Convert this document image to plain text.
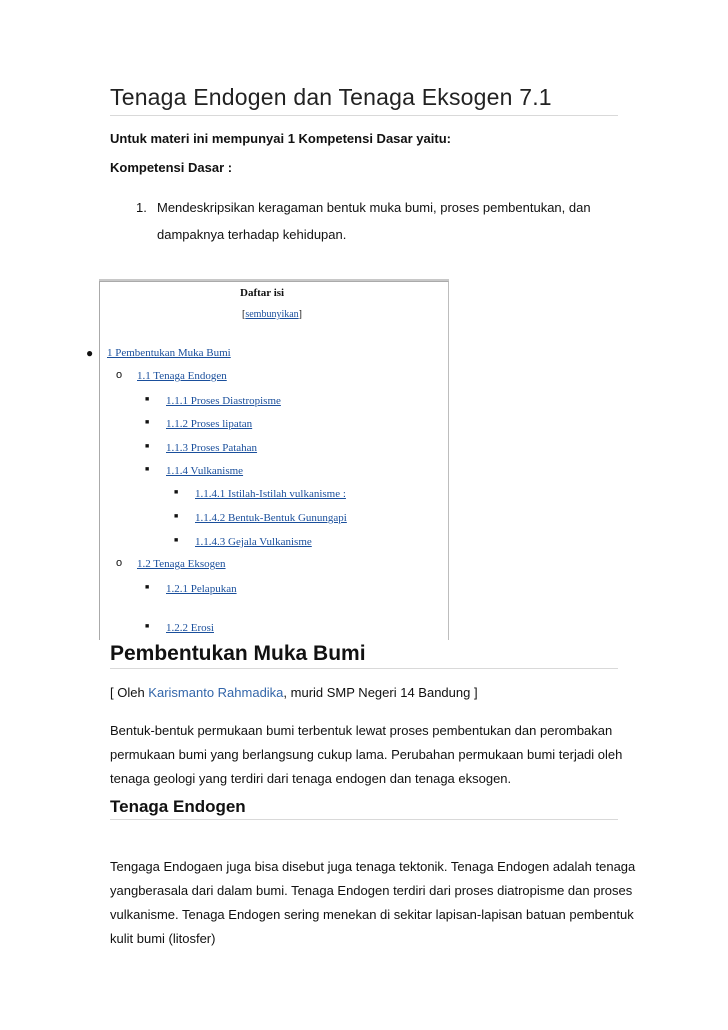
Tenaga Endogen dan Tenaga Eksogen 7.1
Untuk materi ini mempunyai 1 Kompetensi Dasar yaitu:
Kompetensi Dasar :
1. Mendeskripsikan keragaman bentuk muka bumi, proses pembentukan, dan
dampaknya terhadap kehidupan.
Daftar isi
[sembunyikan]
● 1 Pembentukan Muka Bumi
o 1.1 Tenaga Endogen
■ 1.1.1 Proses Diastropisme
■ 1.1.2 Proses lipatan
■ 1.1.3 Proses Patahan
■ 1.1.4 Vulkanisme
■ 1.1.4.1 Istilah-Istilah vulkanisme :
■ 1.1.4.2 Bentuk-Bentuk Gunungapi
■ 1.1.4.3 Gejala Vulkanisme
o 1.2 Tenaga Eksogen
■ 1.2.1 Pelapukan
■ 1.2.2 Erosi
Pembentukan Muka Bumi
[ Oleh Karismanto Rahmadika, murid SMP Negeri 14 Bandung ]
Bentuk-bentuk permukaan bumi terbentuk lewat proses pembentukan dan perombakan
permukaan bumi yang berlangsung cukup lama. Perubahan permukaan bumi terjadi oleh
tenaga geologi yang terdiri dari tenaga endogen dan tenaga eksogen.
Tenaga Endogen
Tengaga Endogaen juga bisa disebut juga tenaga tektonik. Tenaga Endogen adalah tenaga
yangberasala dari dalam bumi. Tenaga Endogen terdiri dari proses diatropisme dan proses
vulkanisme. Tenaga Endogen sering menekan di sekitar lapisan-lapisan batuan pembentuk
kulit bumi (litosfer)
